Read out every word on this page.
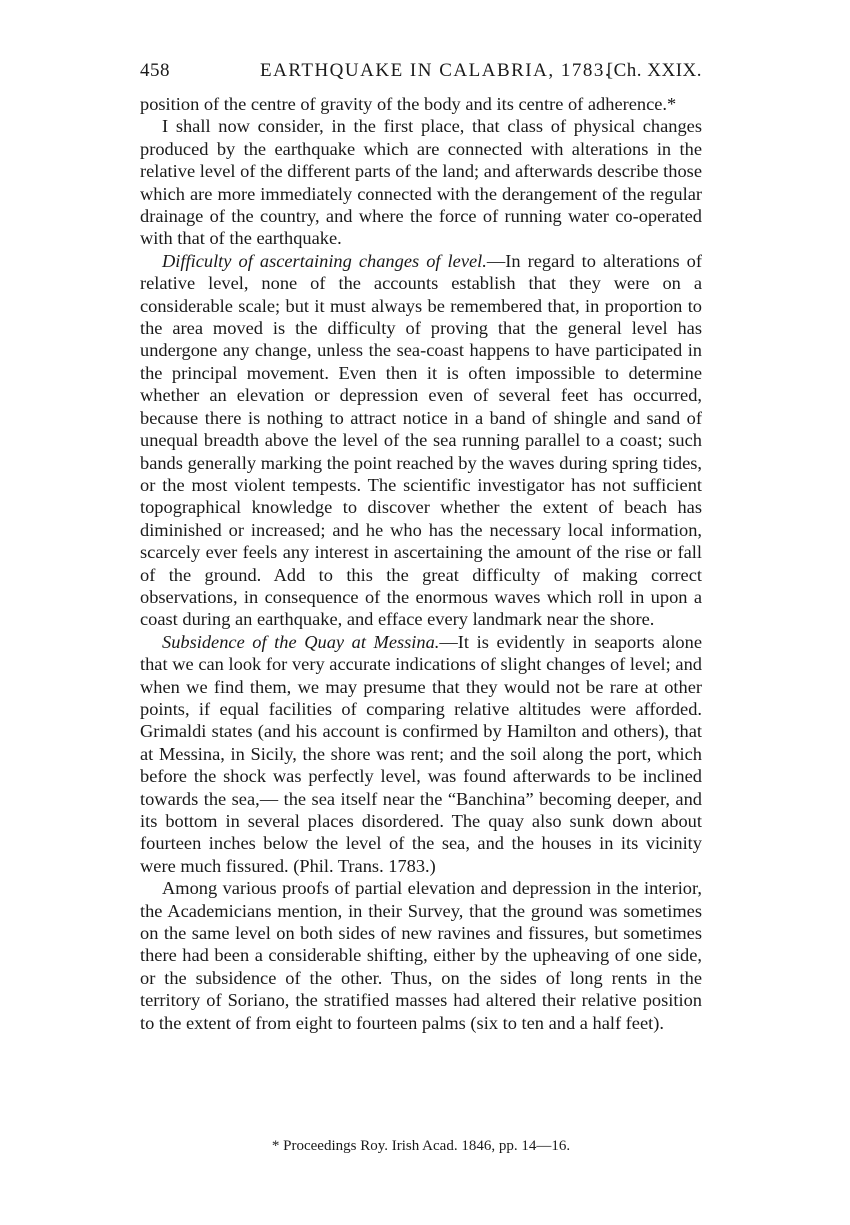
458	EARTHQUAKE IN CALABRIA, 1783.
[Ch. XXIX.

position of the centre of gravity of the body and its centre of adherence.*

I shall now consider, in the first place, that class of physical changes produced by the earthquake which are connected with alterations in the relative level of the different parts of the land; and afterwards describe those which are more immediately connected with the derangement of the regular drainage of the country, and where the force of running water co-operated with that of the earthquake.

Difficulty of ascertaining changes of level.—In regard to alterations of relative level, none of the accounts establish that they were on a considerable scale; but it must always be remembered that, in proportion to the area moved is the difficulty of proving that the general level has undergone any change, unless the sea-coast happens to have participated in the principal movement. Even then it is often impossible to determine whether an elevation or depression even of several feet has occurred, because there is nothing to attract notice in a band of shingle and sand of unequal breadth above the level of the sea running parallel to a coast; such bands generally marking the point reached by the waves during spring tides, or the most violent tempests. The scientific investigator has not sufficient topographical knowledge to discover whether the extent of beach has diminished or increased; and he who has the necessary local information, scarcely ever feels any interest in ascertaining the amount of the rise or fall of the ground. Add to this the great difficulty of making correct observations, in consequence of the enormous waves which roll in upon a coast during an earthquake, and efface every landmark near the shore.

Subsidence of the Quay at Messina.—It is evidently in seaports alone that we can look for very accurate indications of slight changes of level; and when we find them, we may presume that they would not be rare at other points, if equal facilities of comparing relative altitudes were afforded. Grimaldi states (and his account is confirmed by Hamilton and others), that at Messina, in Sicily, the shore was rent; and the soil along the port, which before the shock was perfectly level, was found afterwards to be inclined towards the sea,— the sea itself near the “Banchina” becoming deeper, and its bottom in several places disordered. The quay also sunk down about fourteen inches below the level of the sea, and the houses in its vicinity were much fissured. (Phil. Trans. 1783.)

Among various proofs of partial elevation and depression in the interior, the Academicians mention, in their Survey, that the ground was sometimes on the same level on both sides of new ravines and fissures, but sometimes there had been a considerable shifting, either by the upheaving of one side, or the subsidence of the other. Thus, on the sides of long rents in the territory of Soriano, the stratified masses had altered their relative position to the extent of from eight to fourteen palms (six to ten and a half feet).

* Proceedings Roy. Irish Acad. 1846, pp. 14—16.
